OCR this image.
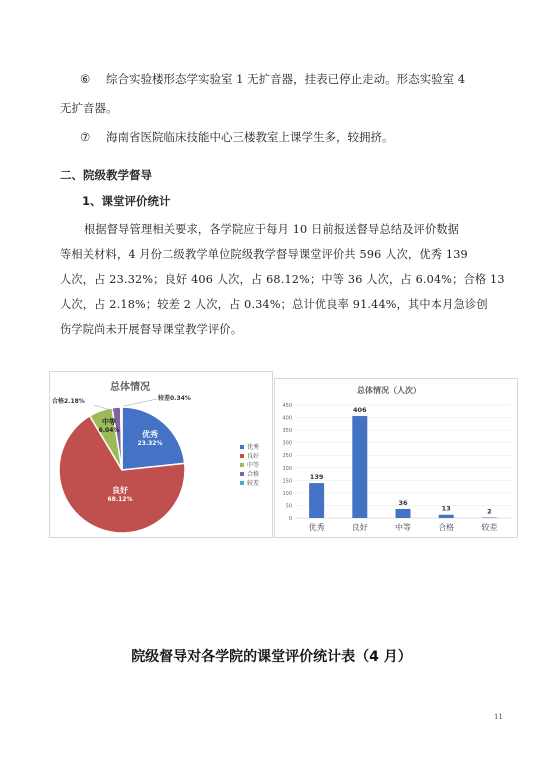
⑥ 综合实验楼形态学实验室 1 无扩音器，挂表已停止走动。形态实验室 4
无扩音器。
⑦ 海南省医院临床技能中心三楼教室上课学生多，较拥挤。
二、院级教学督导
1、课堂评价统计
根据督导管理相关要求，各学院应于每月 10 日前报送督导总结及评价数据
等相关材料，4 月份二级教学单位院级教学督导课堂评价共 596 人次，优秀 139
人次，占 23.32%；良好 406 人次，占 68.12%；中等 36 人次，占 6.04%；合格 13
人次，占 2.18%；较差 2 人次，占 0.34%；总计优良率 91.44%，其中本月急诊创
伤学院尚未开展督导课堂教学评价。
总体情况
优秀
23.32%
良好
68.12%
中等
6.04%
合格2.18%	较差0.34%
优秀
良好
中等
合格
较差
总体情况（人次）
0
50
100
150
200
250
300
350
400
450
139
优秀
406
良好
36
中等
13
合格
2
较差
院级督导对各学院的课堂评价统计表（4 月）
11
